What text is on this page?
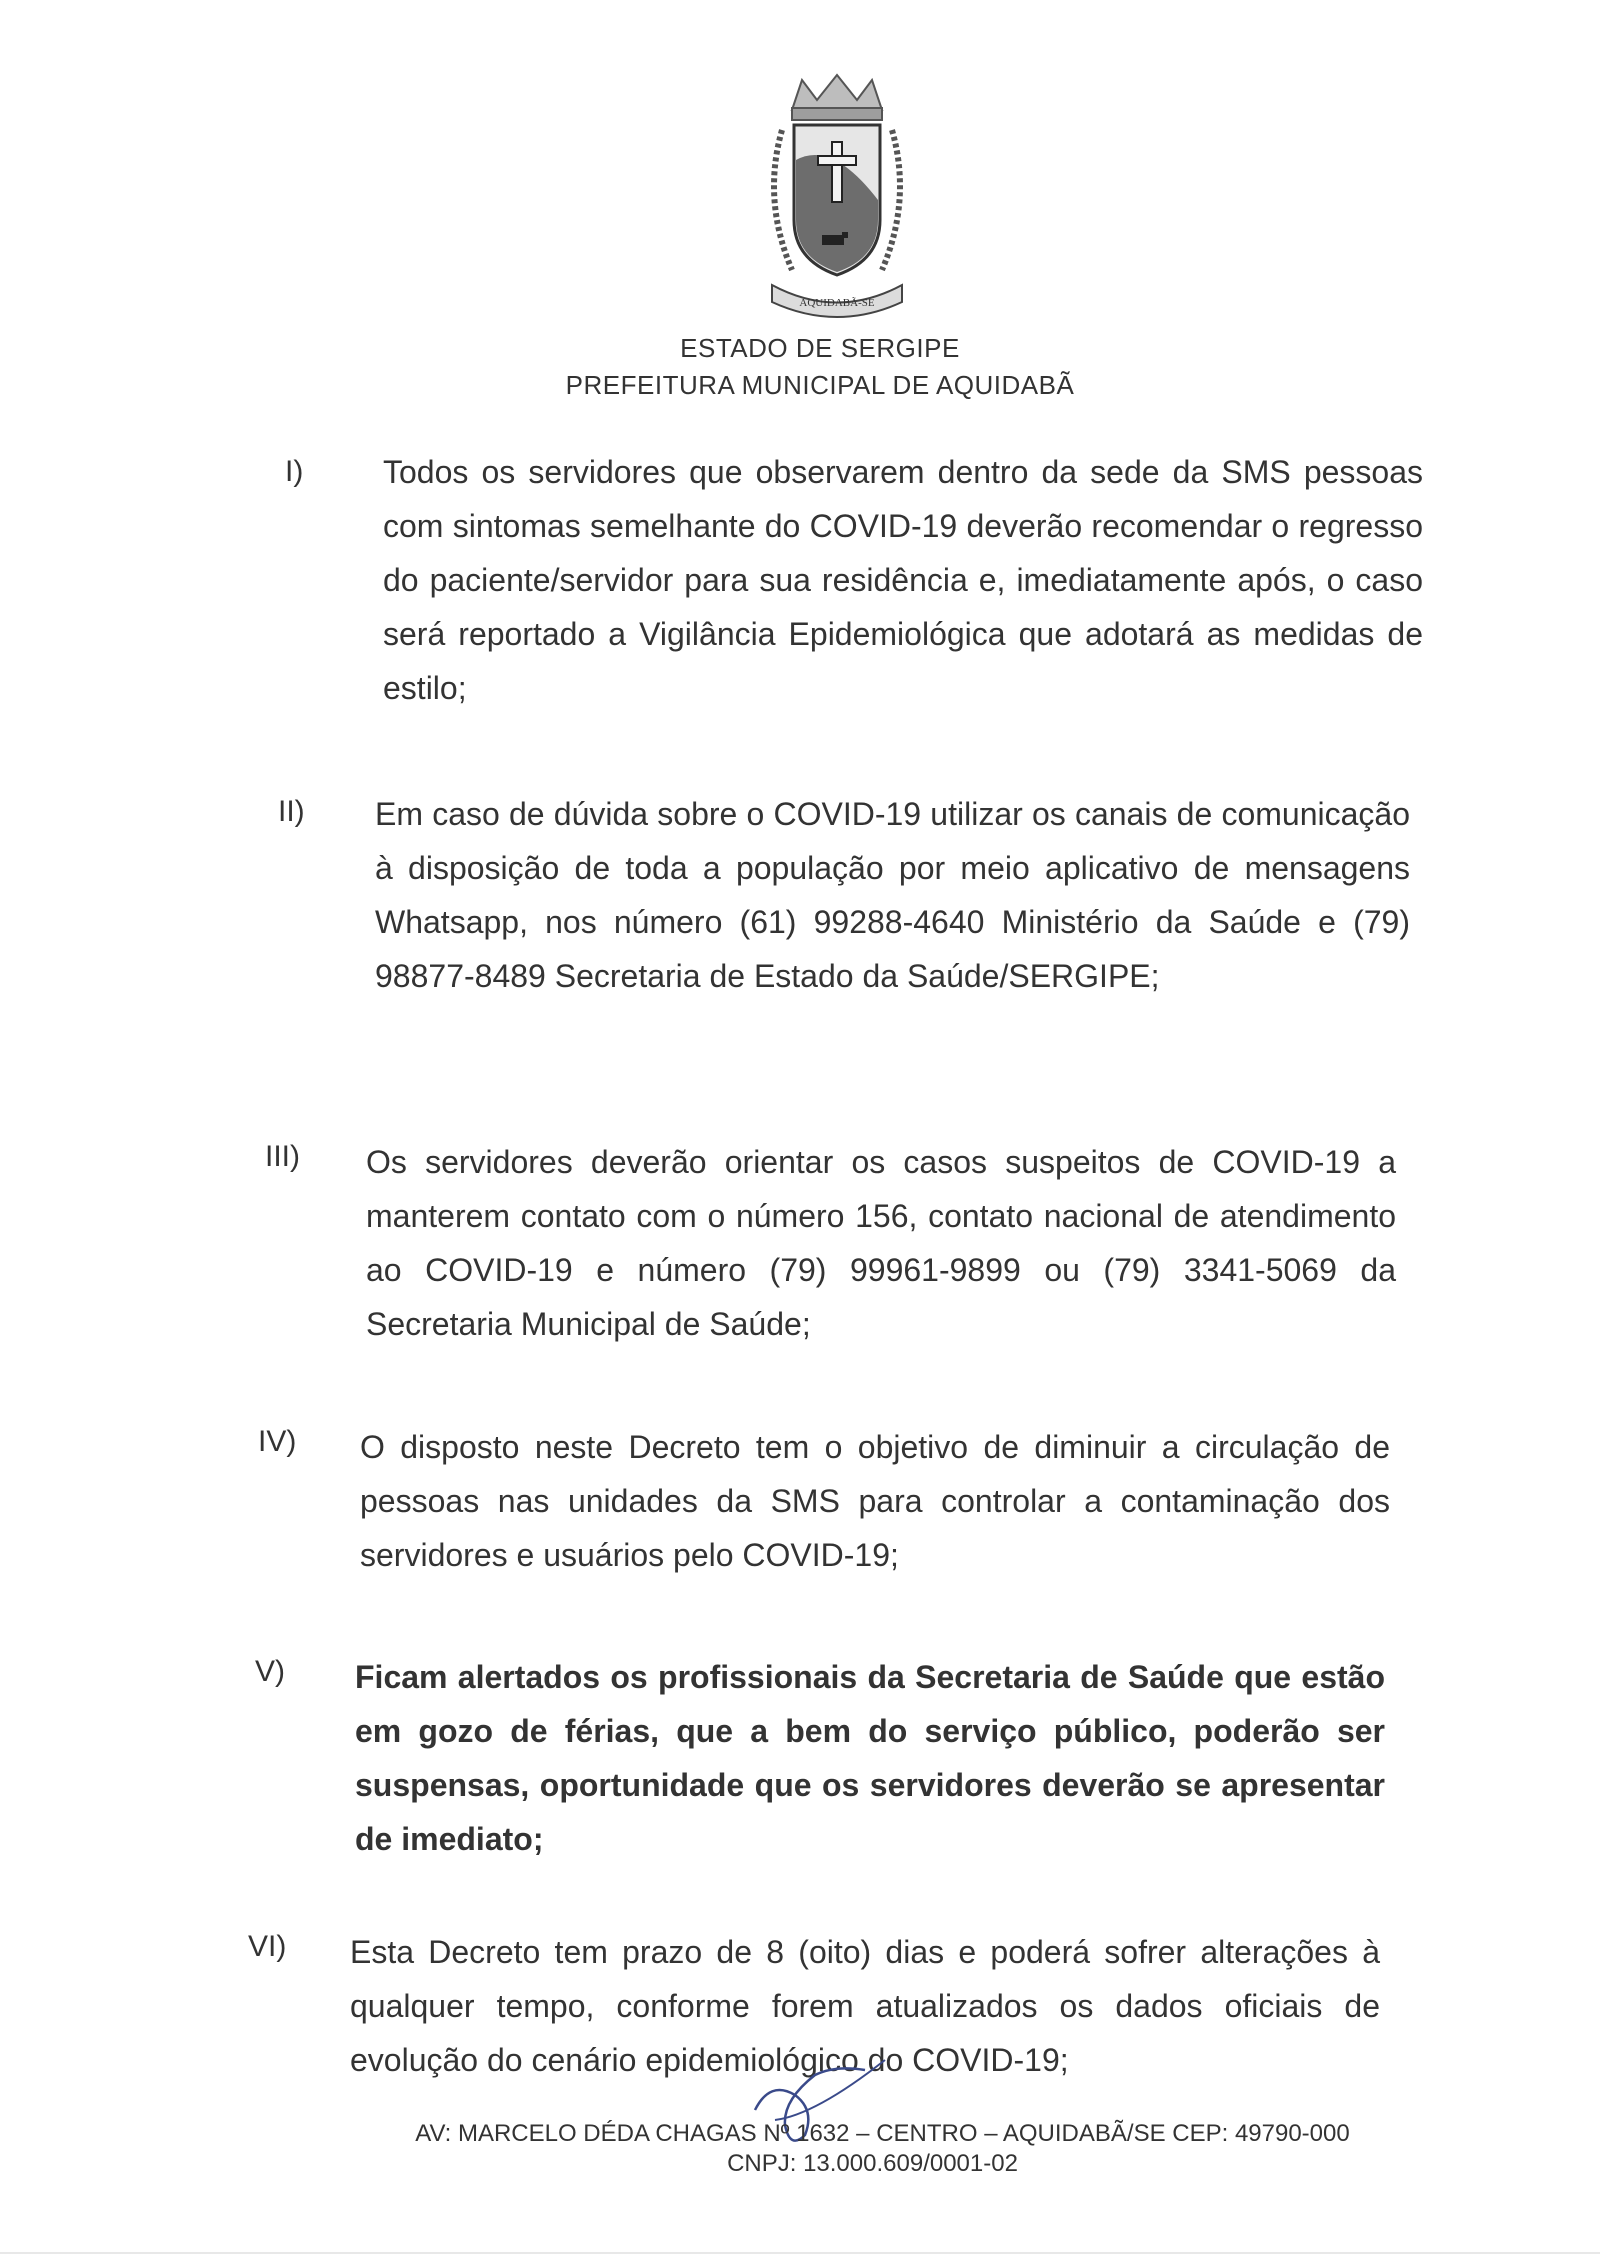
AQUIDABÃ-SE
ESTADO DE SERGIPE
PREFEITURA MUNICIPAL DE AQUIDABÃ
I) Todos os servidores que observarem dentro da sede da SMS pessoas com sintomas semelhante do COVID-19 deverão recomendar o regresso do paciente/servidor para sua residência e, imediatamente após, o caso será reportado a Vigilância Epidemiológica que adotará as medidas de estilo;
II) Em caso de dúvida sobre o COVID-19 utilizar os canais de comunicação à disposição de toda a população por meio aplicativo de mensagens Whatsapp, nos número (61) 99288-4640 Ministério da Saúde e (79) 98877-8489 Secretaria de Estado da Saúde/SERGIPE;
III) Os servidores deverão orientar os casos suspeitos de COVID-19 a manterem contato com o número 156, contato nacional de atendimento ao COVID-19 e número (79) 99961-9899 ou (79) 3341-5069 da Secretaria Municipal de Saúde;
IV) O disposto neste Decreto tem o objetivo de diminuir a circulação de pessoas nas unidades da SMS para controlar a contaminação dos servidores e usuários pelo COVID-19;
V) Ficam alertados os profissionais da Secretaria de Saúde que estão em gozo de férias, que a bem do serviço público, poderão ser suspensas, oportunidade que os servidores deverão se apresentar de imediato;
VI) Esta Decreto tem prazo de 8 (oito) dias e poderá sofrer alterações à qualquer tempo, conforme forem atualizados os dados oficiais de evolução do cenário epidemiológico do COVID-19;
AV: MARCELO DÉDA CHAGAS Nº 1632 – CENTRO – AQUIDABÃ/SE CEP: 49790-000
CNPJ: 13.000.609/0001-02
